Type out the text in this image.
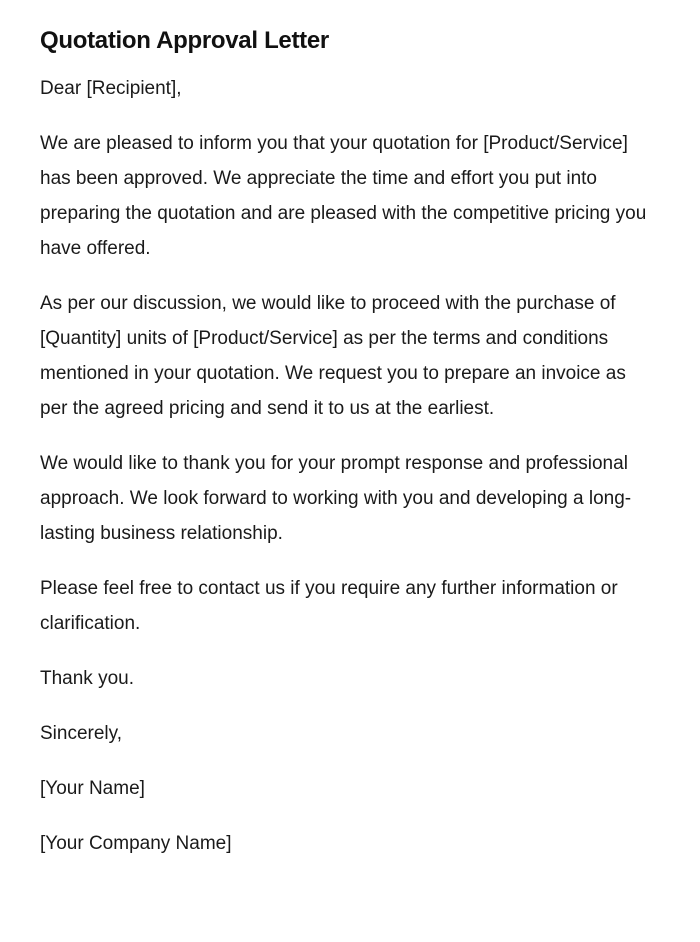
Quotation Approval Letter

Dear [Recipient],

We are pleased to inform you that your quotation for [Product/Service] has been approved. We appreciate the time and effort you put into preparing the quotation and are pleased with the competitive pricing you have offered.

As per our discussion, we would like to proceed with the purchase of [Quantity] units of [Product/Service] as per the terms and conditions mentioned in your quotation. We request you to prepare an invoice as per the agreed pricing and send it to us at the earliest.

We would like to thank you for your prompt response and professional approach. We look forward to working with you and developing a long-lasting business relationship.

Please feel free to contact us if you require any further information or clarification.

Thank you.

Sincerely,

[Your Name]

[Your Company Name]
